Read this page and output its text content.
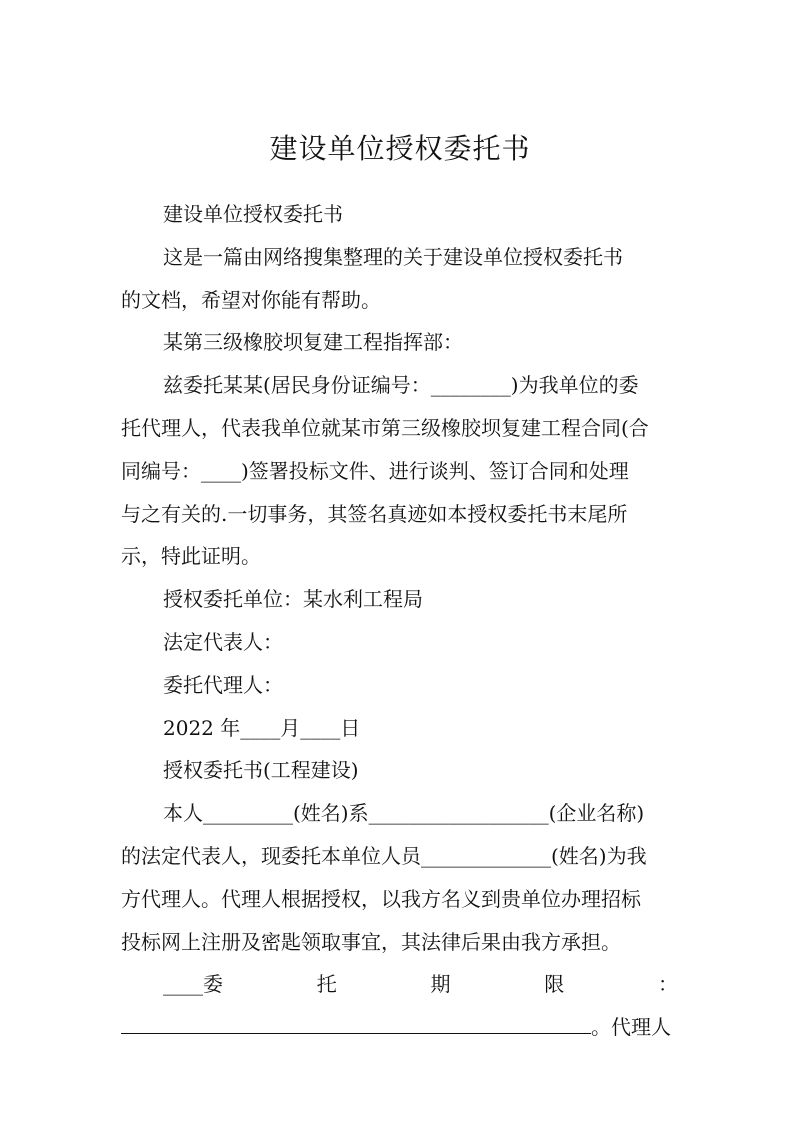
建设单位授权委托书
建设单位授权委托书
这是一篇由网络搜集整理的关于建设单位授权委托书
的文档，希望对你能有帮助。
某第三级橡胶坝复建工程指挥部：
兹委托某某(居民身份证编号：________)为我单位的委
托代理人，代表我单位就某市第三级橡胶坝复建工程合同(合
同编号：____)签署投标文件、进行谈判、签订合同和处理
与之有关的.一切事务，其签名真迹如本授权委托书末尾所
示，特此证明。
授权委托单位：某水利工程局
法定代表人：
委托代理人：
2022 年____月____日
授权委托书(工程建设)
本人_________(姓名)系__________________(企业名称)
的法定代表人，现委托本单位人员_____________(姓名)为我
方代理人。代理人根据授权，以我方名义到贵单位办理招标
投标网上注册及密匙领取事宜，其法律后果由我方承担。
____委	托	期	限	：
。代理人
